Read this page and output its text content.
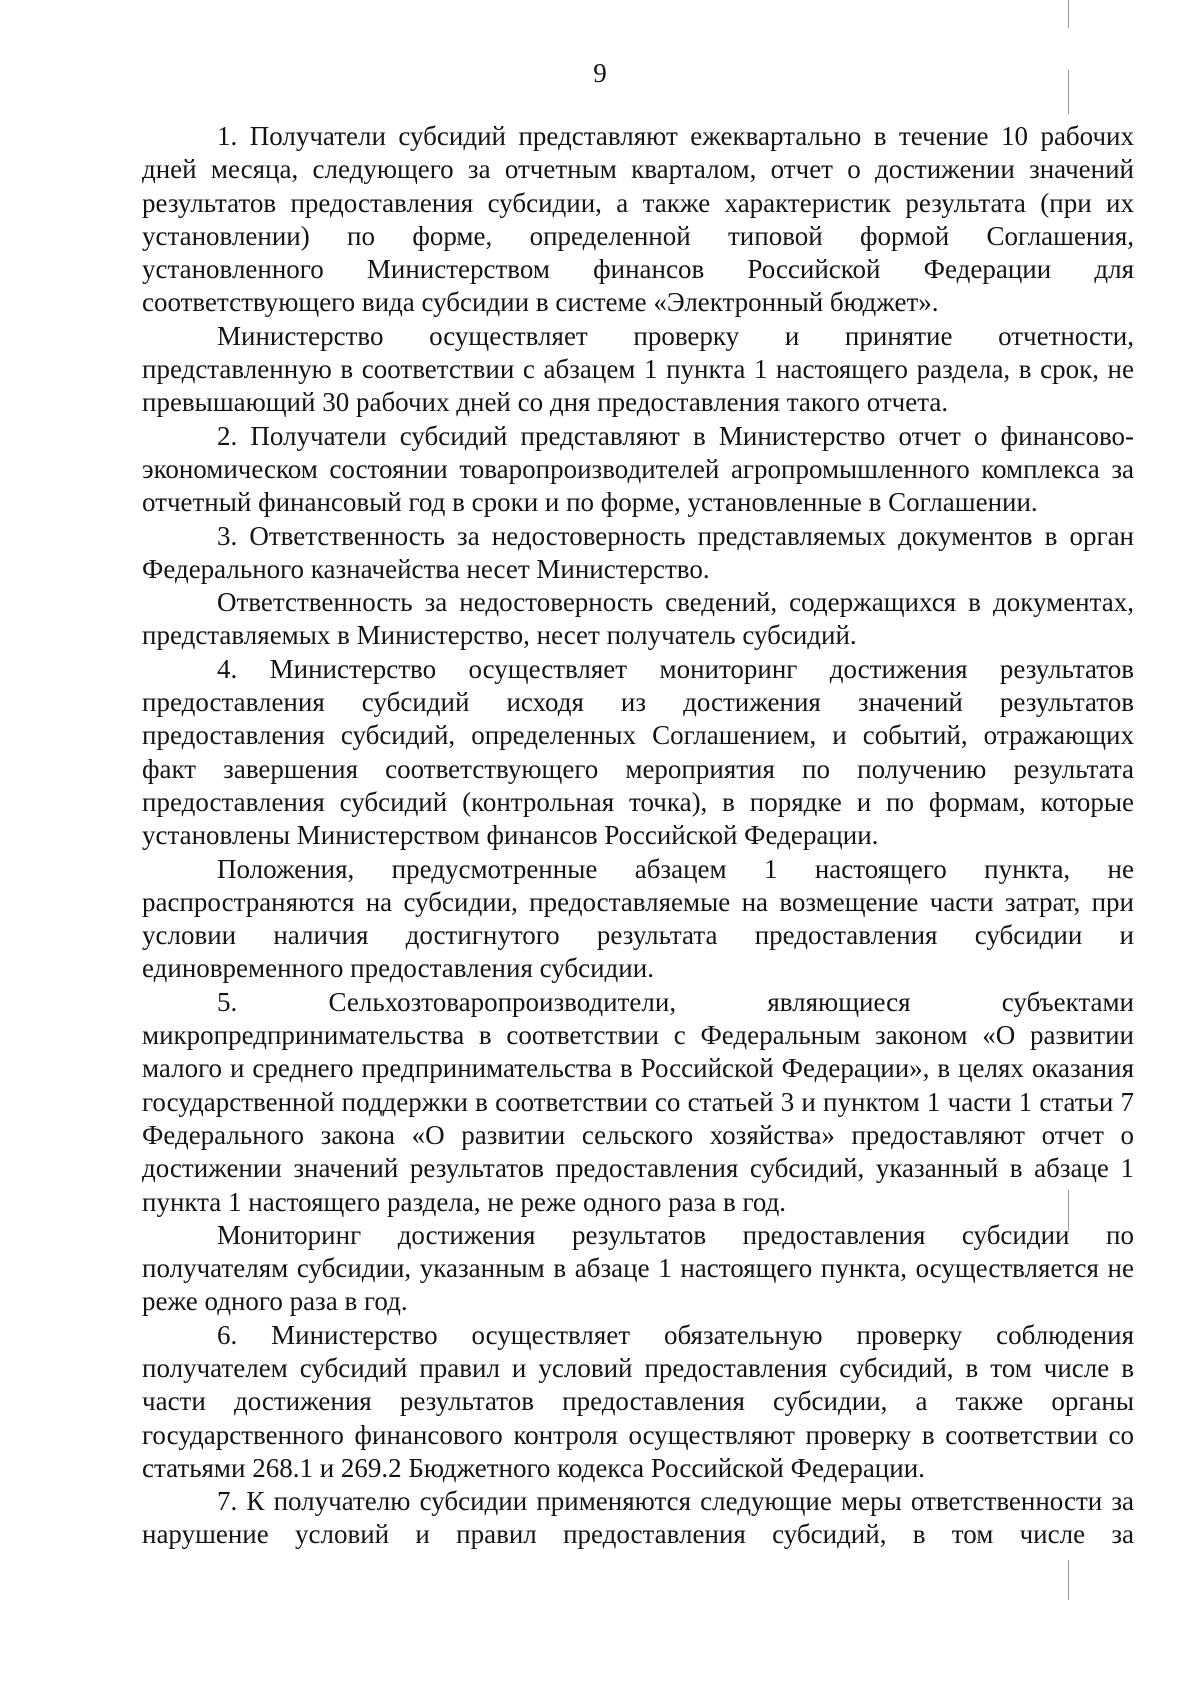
9

1. Получатели субсидий представляют ежеквартально в течение 10 рабочих дней месяца, следующего за отчетным кварталом, отчет о достижении значений результатов предоставления субсидии, а также характеристик результата (при их установлении) по форме, определенной типовой формой Соглашения, установленного Министерством финансов Российской Федерации для соответствующего вида субсидии в системе «Электронный бюджет».

Министерство осуществляет проверку и принятие отчетности, представленную в соответствии с абзацем 1 пункта 1 настоящего раздела, в срок, не превышающий 30 рабочих дней со дня предоставления такого отчета.

2. Получатели субсидий представляют в Министерство отчет о финансово-экономическом состоянии товаропроизводителей агропромышленного комплекса за отчетный финансовый год в сроки и по форме, установленные в Соглашении.

3. Ответственность за недостоверность представляемых документов в орган Федерального казначейства несет Министерство.

Ответственность за недостоверность сведений, содержащихся в документах, представляемых в Министерство, несет получатель субсидий.

4. Министерство осуществляет мониторинг достижения результатов предоставления субсидий исходя из достижения значений результатов предоставления субсидий, определенных Соглашением, и событий, отражающих факт завершения соответствующего мероприятия по получению результата предоставления субсидий (контрольная точка), в порядке и по формам, которые установлены Министерством финансов Российской Федерации.

Положения, предусмотренные абзацем 1 настоящего пункта, не распространяются на субсидии, предоставляемые на возмещение части затрат, при условии наличия достигнутого результата предоставления субсидии и единовременного предоставления субсидии.

5. Сельхозтоваропроизводители, являющиеся субъектами микропредпринимательства в соответствии с Федеральным законом «О развитии малого и среднего предпринимательства в Российской Федерации», в целях оказания государственной поддержки в соответствии со статьей 3 и пунктом 1 части 1 статьи 7 Федерального закона «О развитии сельского хозяйства» предоставляют отчет о достижении значений результатов предоставления субсидий, указанный в абзаце 1 пункта 1 настоящего раздела, не реже одного раза в год.

Мониторинг достижения результатов предоставления субсидии по получателям субсидии, указанным в абзаце 1 настоящего пункта, осуществляется не реже одного раза в год.

6. Министерство осуществляет обязательную проверку соблюдения получателем субсидий правил и условий предоставления субсидий, в том числе в части достижения результатов предоставления субсидии, а также органы государственного финансового контроля осуществляют проверку в соответствии со статьями 268.1 и 269.2 Бюджетного кодекса Российской Федерации.

7. К получателю субсидии применяются следующие меры ответственности за нарушение условий и правил предоставления субсидий, в том числе за
